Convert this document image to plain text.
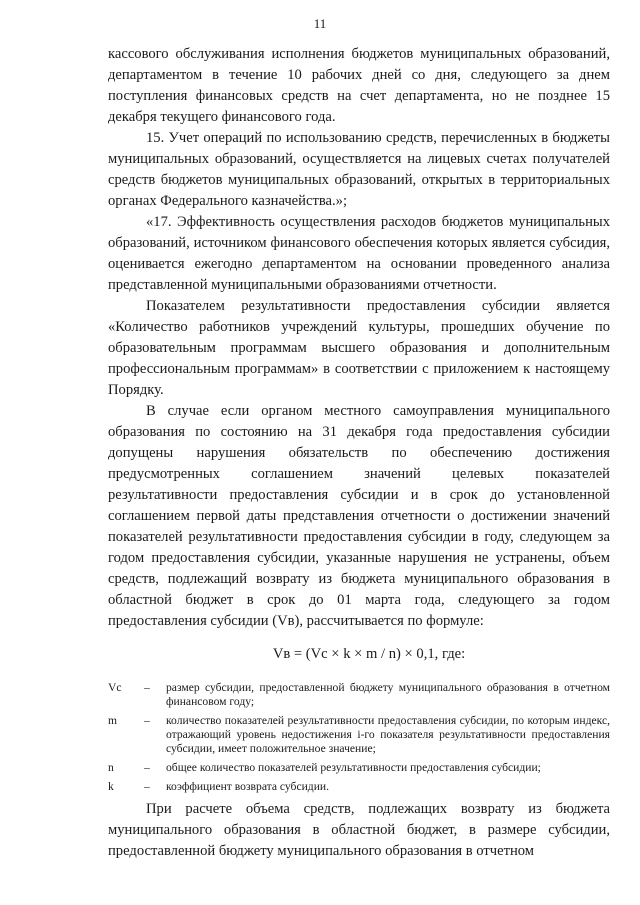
11

кассового обслуживания исполнения бюджетов муниципальных образований, департаментом в течение 10 рабочих дней со дня, следующего за днем поступления финансовых средств на счет департамента, но не позднее 15 декабря текущего финансового года.

15. Учет операций по использованию средств, перечисленных в бюджеты муниципальных образований, осуществляется на лицевых счетах получателей средств бюджетов муниципальных образований, открытых в территориальных органах Федерального казначейства.»;

«17. Эффективность осуществления расходов бюджетов муниципальных образований, источником финансового обеспечения которых является субсидия, оценивается ежегодно департаментом на основании проведенного анализа представленной муниципальными образованиями отчетности.

Показателем результативности предоставления субсидии является «Количество работников учреждений культуры, прошедших обучение по образовательным программам высшего образования и дополнительным профессиональным программам» в соответствии с приложением к настоящему Порядку.

В случае если органом местного самоуправления муниципального образования по состоянию на 31 декабря года предоставления субсидии допущены нарушения обязательств по обеспечению достижения предусмотренных соглашением значений целевых показателей результативности предоставления субсидии и в срок до установленной соглашением первой даты представления отчетности о достижении значений показателей результативности предоставления субсидии в году, следующем за годом предоставления субсидии, указанные нарушения не устранены, объем средств, подлежащий возврату из бюджета муниципального образования в областной бюджет в срок до 01 марта года, следующего за годом предоставления субсидии (Vв), рассчитывается по формуле:

Vв = (Vс × k × m / n) × 0,1, где:
Vс	–	размер субсидии, предоставленной бюджету муниципального образования в отчетном финансовом году;
m	–	количество показателей результативности предоставления субсидии, по которым индекс, отражающий уровень недостижения i-го показателя результативности предоставления субсидии, имеет положительное значение;
n	–	общее количество показателей результативности предоставления субсидии;
k	–	коэффициент возврата субсидии.

При расчете объема средств, подлежащих возврату из бюджета муниципального образования в областной бюджет, в размере субсидии, предоставленной бюджету муниципального образования в отчетном
